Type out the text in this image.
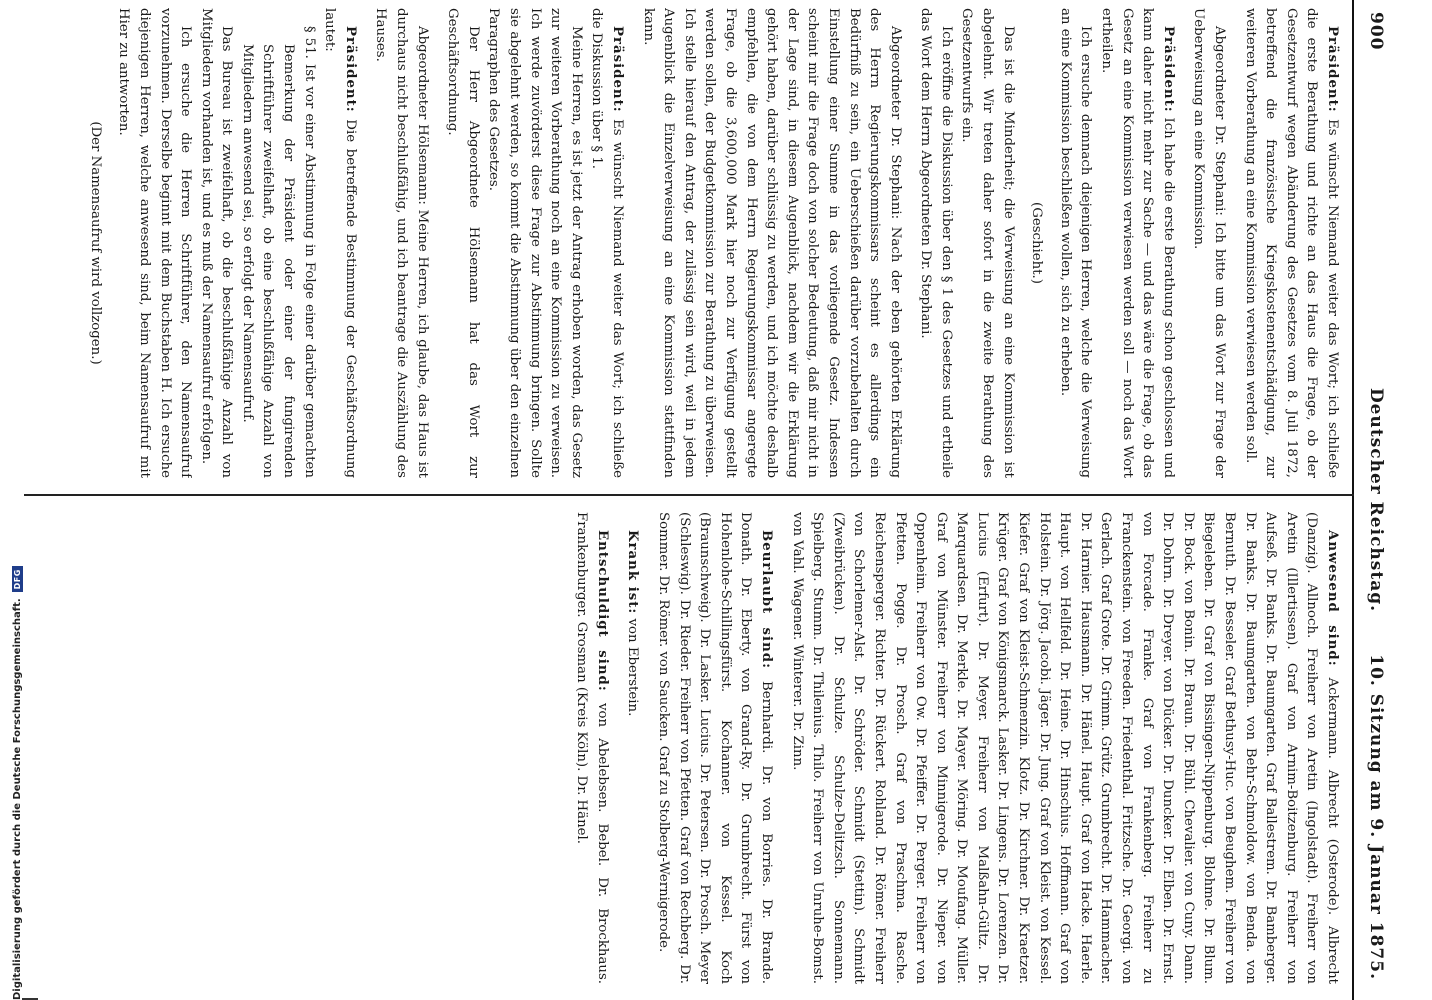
900
Deutscher Reichstag.
10. Sitzung am 9. Januar 1875.

Präsident: Es wünscht Niemand weiter das Wort; ich schließe die erste Berathung und richte an das Haus die Frage, ob der Gesetzentwurf wegen Abänderung des Gesetzes vom 8. Juli 1872, betreffend die französische Kriegskostenentschädigung, zur weiteren Vorberathung an eine Kommission verwiesen werden soll.

Abgeordneter Dr. Stephani: Ich bitte um das Wort zur Frage der Ueberweisung an eine Kommission.

Präsident: Ich habe die erste Berathung schon geschlossen und kann daher nicht mehr zur Sache — und das wäre die Frage, ob das Gesetz an eine Kommission verwiesen werden soll — noch das Wort ertheilen.

Ich ersuche demnach diejenigen Herren, welche die Verweisung an eine Kommission beschließen wollen, sich zu erheben.

(Geschieht.)

Das ist die Minderheit; die Verweisung an eine Kommission ist abgelehnt. Wir treten daher sofort in die zweite Berathung des Gesetzentwurfs ein.

Ich eröffne die Diskussion über den § 1 des Gesetzes und ertheile das Wort dem Herrn Abgeordneten Dr. Stephani.

Abgeordneter Dr. Stephani: Nach der eben gehörten Erklärung des Herrn Regierungskommissars scheint es allerdings ein Bedürfniß zu sein, ein Ueberschießen darüber vorzubehalten durch Einstellung einer Summe in das vorliegende Gesetz. Indessen scheint mir die Frage doch von solcher Bedeutung, daß mir nicht in der Lage sind, in diesem Augenblick, nachdem wir die Erklärung gehört haben, darüber schlüssig zu werden, und ich möchte deshalb empfehlen, die von dem Herrn Regierungskommissar angeregte Frage, ob die 3,600,000 Mark hier noch zur Verfügung gestellt werden sollen, der Budgetkommission zur Berathung zu überweisen. Ich stelle hierauf den Antrag, der zulässig sein wird, weil in jedem Augenblick die Einzelverweisung an eine Kommission stattfinden kann.

Präsident: Es wünscht Niemand weiter das Wort; ich schließe die Diskussion über § 1.

Meine Herren, es ist jetzt der Antrag erhoben worden, das Gesetz zur weiteren Vorberathung noch an eine Kommission zu verweisen. Ich werde zuvörderst diese Frage zur Abstimmung bringen. Sollte sie abgelehnt werden, so kommt die Abstimmung über den einzelnen Paragraphen des Gesetzes.

Der Herr Abgeordnete Hölsemann hat das Wort zur Geschäftsordnung.

Abgeordneter Hölsemann: Meine Herren, ich glaube, das Haus ist durchaus nicht beschlußfähig, und ich beantrage die Auszählung des Hauses.

Präsident: Die betreffende Bestimmung der Geschäftsordnung lautet:

§ 51. Ist vor einer Abstimmung in Folge einer darüber gemachten Bemerkung der Präsident oder einer der fungirenden Schriftführer zweifelhaft, ob eine beschlußfähige Anzahl von Mitgliedern anwesend sei, so erfolgt der Namensaufruf.

Das Bureau ist zweifelhaft, ob die beschlußfähige Anzahl von Mitgliedern vorhanden ist, und es muß der Namensaufruf erfolgen.

Ich ersuche die Herren Schriftführer, den Namensaufruf vorzunehmen. Derselbe beginnt mit dem Buchstaben H. Ich ersuche diejenigen Herren, welche anwesend sind, beim Namensaufruf mit Hier zu antworten.

(Der Namensaufruf wird vollzogen.)

Anwesend sind: Ackermann. Albrecht (Osterode). Albrecht (Danzig). Allnoch. Freiherr von Aretin (Ingolstadt). Freiherr von Aretin (Illertissen). Graf von Arnim-Boitzenburg. Freiherr von Aufseß. Dr. Banks. Dr. Baumgarten. Graf Ballestrem. Dr. Bamberger. Dr. Banks. Dr. Baumgarten. von Behr-Schmoldow. von Benda. von Bernuth. Dr. Besseler. Graf Bethusy-Huc. von Beughem. Freiherr von Biegeleben. Dr. Graf von Bissingen-Nippenburg. Blohme. Dr. Blum. Dr. Bock. von Bonin. Dr. Braun. Dr. Bühl. Chevalier. von Cuny. Dann. Dr. Dohrn. Dr. Dreyer. von Dücker. Dr. Duncker. Dr. Elben. Dr. Ernst. von Forcade. Franke. Graf von Frankenberg. Freiherr zu Franckenstein. von Freeden. Friedenthal. Fritzsche. Dr. Georgi. von Gerlach. Graf Grote. Dr. Grimm. Grütz. Grumbrecht. Dr. Hammacher. Dr. Harnier. Hausmann. Dr. Hänel. Haupt. Graf von Hacke. Haerle. Haupt. von Hellfeld. Dr. Heine. Dr. Hinschius. Hoffmann. Graf von Holstein. Dr. Jörg. Jacobi. Jäger. Dr. Jung. Graf von Kleist. von Kessel. Kiefer. Graf von Kleist-Schmenzin. Klotz. Dr. Kirchner. Dr. Kraetzer. Krüger. Graf von Königsmarck. Lasker. Dr. Lingens. Dr. Lorenzen. Dr. Lucius (Erfurt). Dr. Meyer. Freiherr von Malßahn-Gültz. Dr. Marquardsen. Dr. Merkle. Dr. Mayer. Möring. Dr. Moufang. Müller. Graf von Münster. Freiherr von Minnigerode. Dr. Nieper. von Oppenheim. Freiherr von Ow. Dr. Pfeiffer. Dr. Perger. Freiherr von Pfetten. Pogge. Dr. Prosch. Graf von Praschma. Rasche. Reichensperger. Richter. Dr. Rückert. Rohland. Dr. Römer. Freiherr von Schorlemer-Alst. Dr. Schröder. Schmidt (Stettin). Schmidt (Zweibrücken). Dr. Schulze. Schulze-Delitzsch. Sonnemann. Spielberg. Stumm. Dr. Thilenius. Thilo. Freiherr von Unruhe-Bomst. von Vahl. Wagener. Winterer. Dr. Zinn.

Beurlaubt sind: Bernhardi. Dr. von Borries. Dr. Brande. Donath. Dr. Eberty. von Grand-Ry. Dr. Grumbrecht. Fürst von Hohenlohe-Schillingsfürst. Kochanner. von Kessel. Koch (Braunschweig). Dr. Lasker. Lucius. Dr. Petersen. Dr. Prosch. Meyer (Schleswig). Dr. Rieder. Freiherr von Pfetten. Graf von Rechberg. Dr. Sommer. Dr. Römer. von Saucken. Graf zu Stolberg-Wernigerode.

Krank ist: von Eberstein.

Entschuldigt sind: von Abelebsen. Bebel. Dr. Brockhaus. Frankenburger. Grosman (Kreis Köln). Dr. Hänel.

Digitalisierung gefördert durch die Deutsche Forschungsgemeinschaft.
DFG
